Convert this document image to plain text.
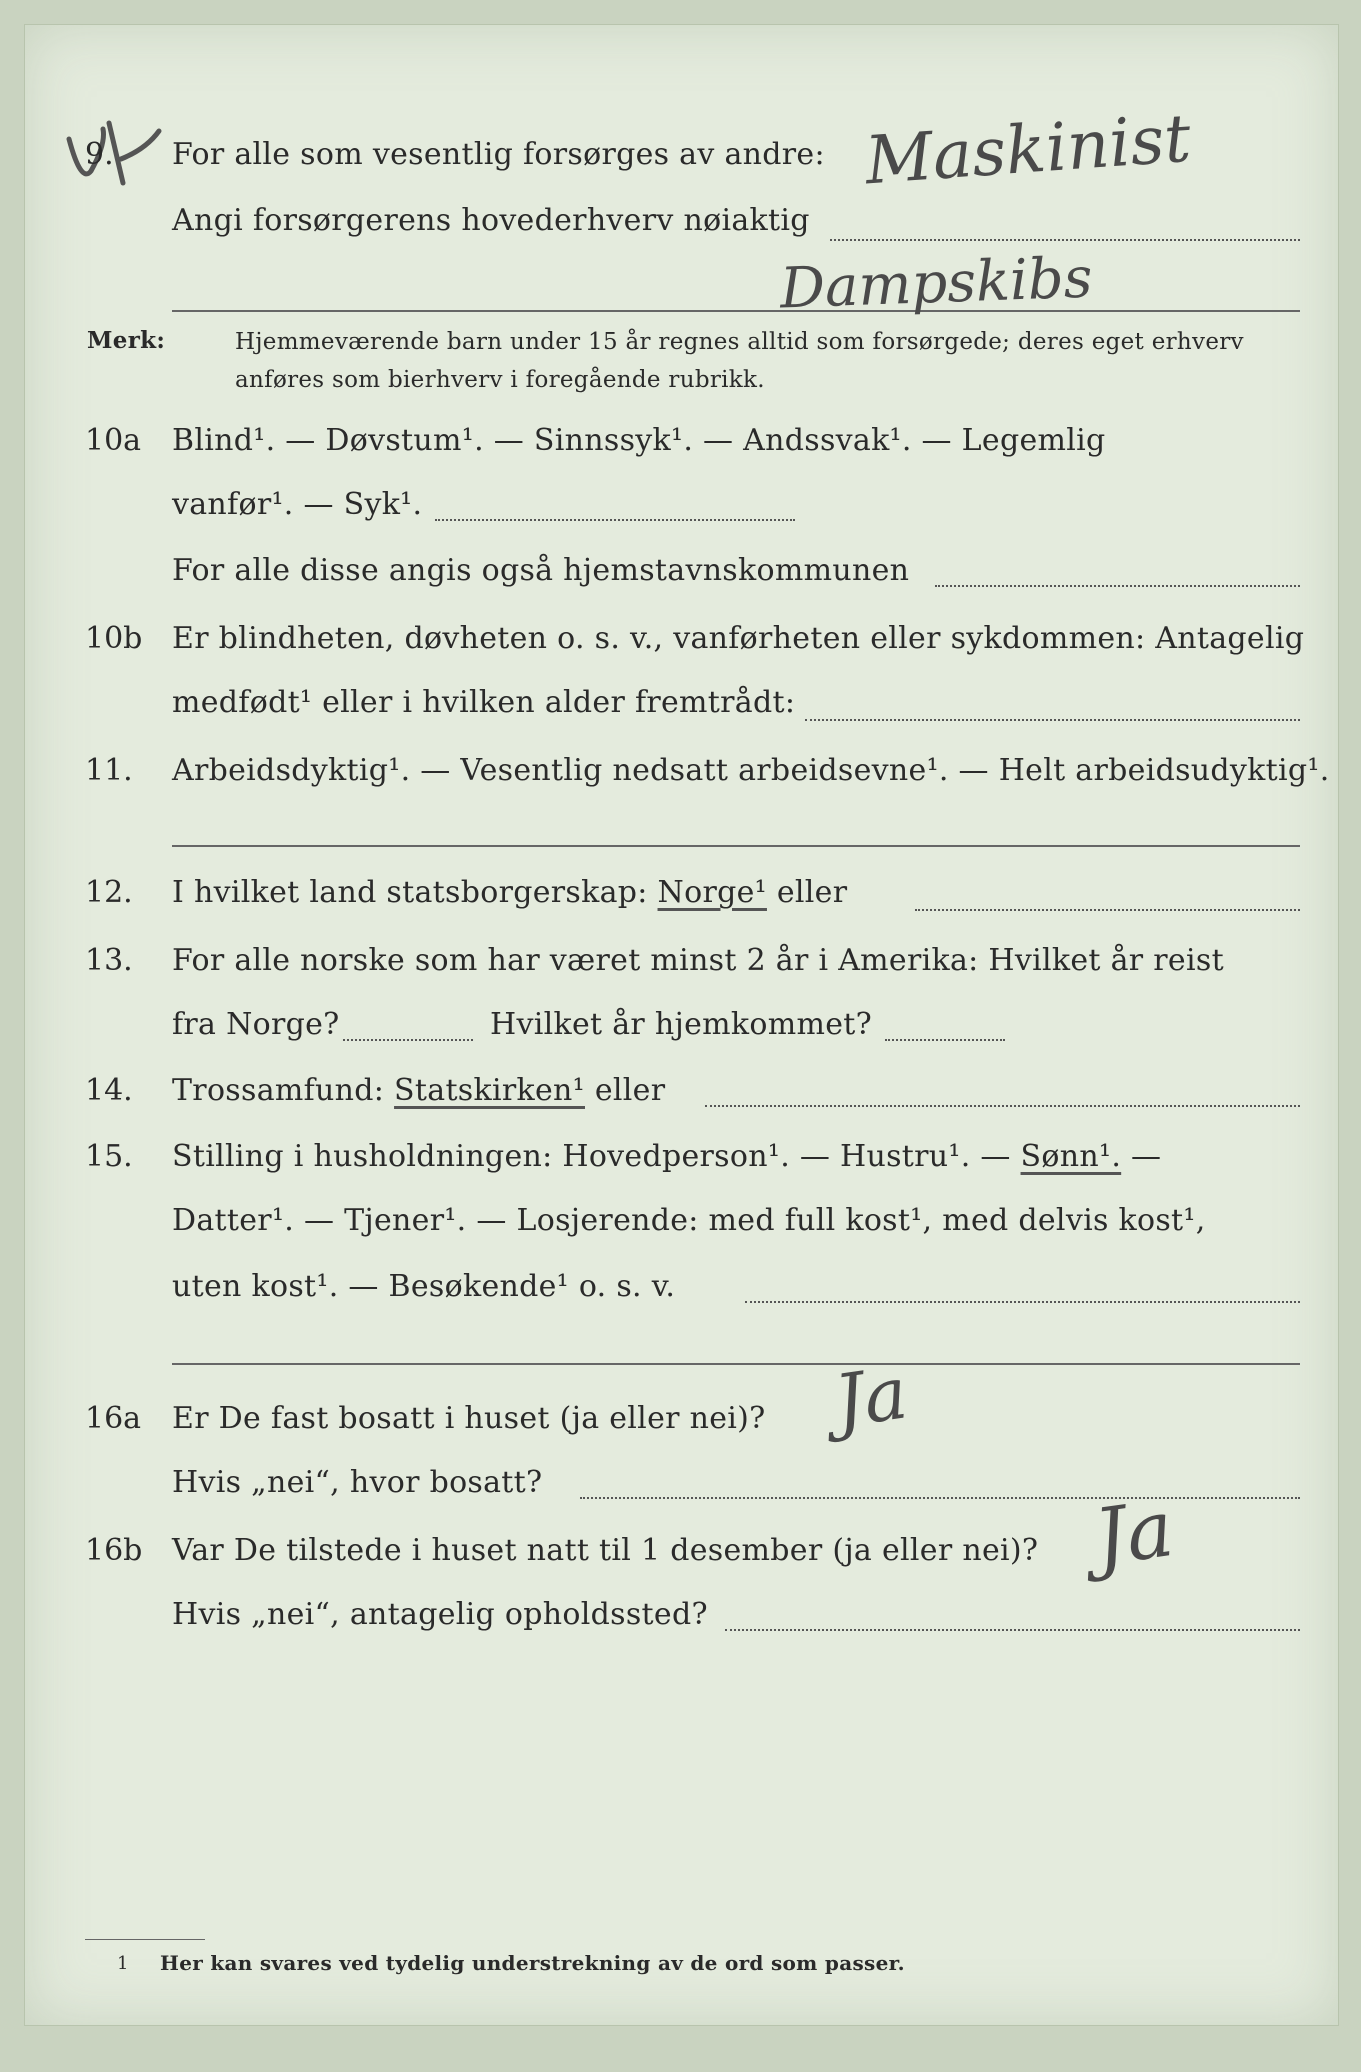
9. For alle som vesentlig forsørges av andre: Maskinist
Angi forsørgerens hovederhverv nøiaktig
Dampskibs
Merk:	Hjemmeværende barn under 15 år regnes alltid som forsørgede; deres eget erhverv
anføres som bierhverv i foregående rubrikk.
10a Blind¹. — Døvstum¹. — Sinnssyk¹. — Andssvak¹. — Legemlig
vanfør¹. — Syk¹.
For alle disse angis også hjemstavnskommunen
10b Er blindheten, døvheten o. s. v., vanførheten eller sykdommen: Antagelig
medfødt¹ eller i hvilken alder fremtrådt:
11. Arbeidsdyktig¹. — Vesentlig nedsatt arbeidsevne¹. — Helt arbeidsudyktig¹.
12. I hvilket land statsborgerskap: Norge¹ eller
13. For alle norske som har været minst 2 år i Amerika: Hvilket år reist
fra Norge?	Hvilket år hjemkommet?
14. Trossamfund: Statskirken¹ eller
15. Stilling i husholdningen: Hovedperson¹. — Hustru¹. — Sønn¹. —
Datter¹. — Tjener¹. — Losjerende: med full kost¹, med delvis kost¹,
uten kost¹. — Besøkende¹ o. s. v.
16a Er De fast bosatt i huset (ja eller nei)? Ja
Hvis „nei“, hvor bosatt?
16b Var De tilstede i huset natt til 1 desember (ja eller nei)? Ja
Hvis „nei“, antagelig opholdssted?
1 Her kan svares ved tydelig understrekning av de ord som passer.
